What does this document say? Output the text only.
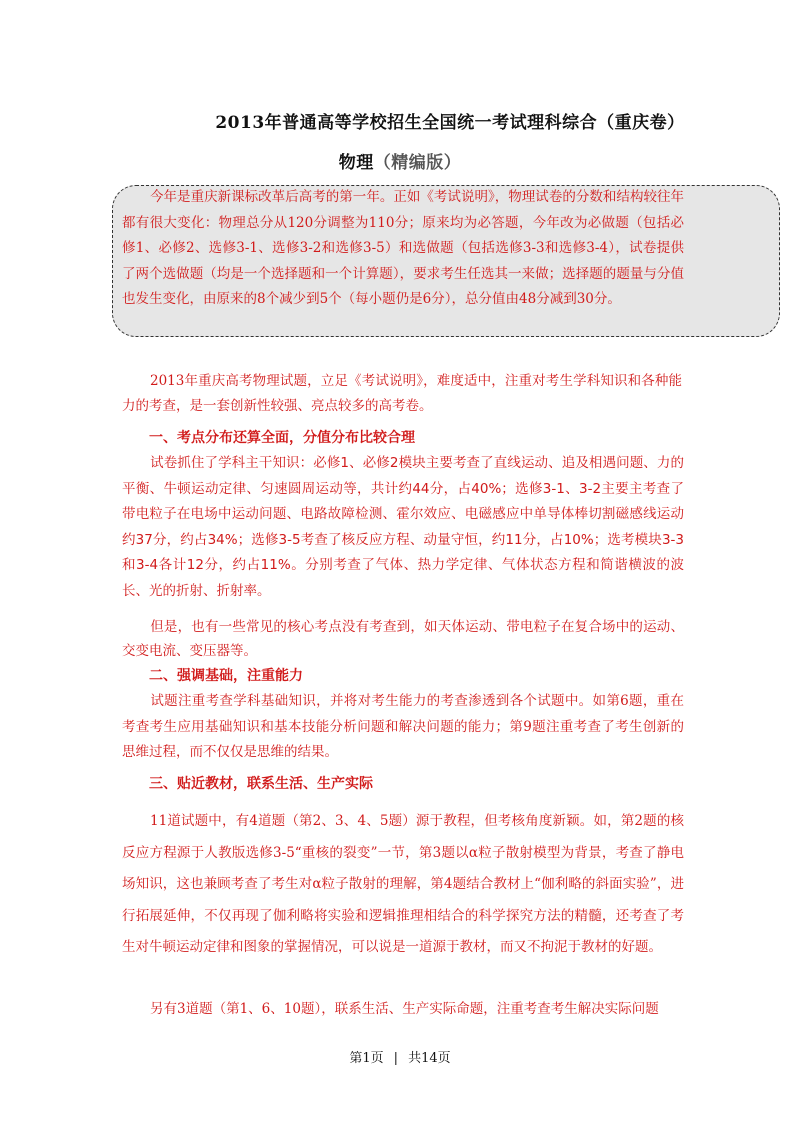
2013年普通高等学校招生全国统一考试理科综合（重庆卷）
物理（精编版）

今年是重庆新课标改革后高考的第一年。正如《考试说明》，物理试卷的分数和结构较往年都有很大变化：物理总分从120分调整为110分；原来均为必答题，今年改为必做题（包括必修1、必修2、选修3-1、选修3-2和选修3-5）和选做题（包括选修3-3和选修3-4），试卷提供了两个选做题（均是一个选择题和一个计算题），要求考生任选其一来做；选择题的题量与分值也发生变化，由原来的8个减少到5个（每小题仍是6分），总分值由48分减到30分。

2013年重庆高考物理试题，立足《考试说明》，难度适中，注重对考生学科知识和各种能力的考查，是一套创新性较强、亮点较多的高考卷。

一、考点分布还算全面，分值分布比较合理

试卷抓住了学科主干知识：必修1、必修2模块主要考查了直线运动、追及相遇问题、力的平衡、牛顿运动定律、匀速圆周运动等，共计约44分，占40%；选修3-1、3-2主要主考查了带电粒子在电场中运动问题、电路故障检测、霍尔效应、电磁感应中单导体棒切割磁感线运动约37分，约占34%；选修3-5考查了核反应方程、动量守恒，约11分，占10%；选考模块3-3和3-4各计12分，约占11%。分别考查了气体、热力学定律、气体状态方程和简谐横波的波长、光的折射、折射率。

但是，也有一些常见的核心考点没有考查到，如天体运动、带电粒子在复合场中的运动、交变电流、变压器等。

二、强调基础，注重能力

试题注重考查学科基础知识，并将对考生能力的考查渗透到各个试题中。如第6题，重在考查考生应用基础知识和基本技能分析问题和解决问题的能力；第9题注重考查了考生创新的思维过程，而不仅仅是思维的结果。

三、贴近教材，联系生活、生产实际

11道试题中，有4道题（第2、3、4、5题）源于教程，但考核角度新颖。如，第2题的核反应方程源于人教版选修3-5“重核的裂变”一节，第3题以α粒子散射模型为背景，考查了静电场知识，这也兼顾考查了考生对α粒子散射的理解，第4题结合教材上“伽利略的斜面实验”，进行拓展延伸，不仅再现了伽利略将实验和逻辑推理相结合的科学探究方法的精髓，还考查了考生对牛顿运动定律和图象的掌握情况，可以说是一道源于教材，而又不拘泥于教材的好题。

另有3道题（第1、6、10题），联系生活、生产实际命题，注重考查考生解决实际问题

第1页 | 共14页
